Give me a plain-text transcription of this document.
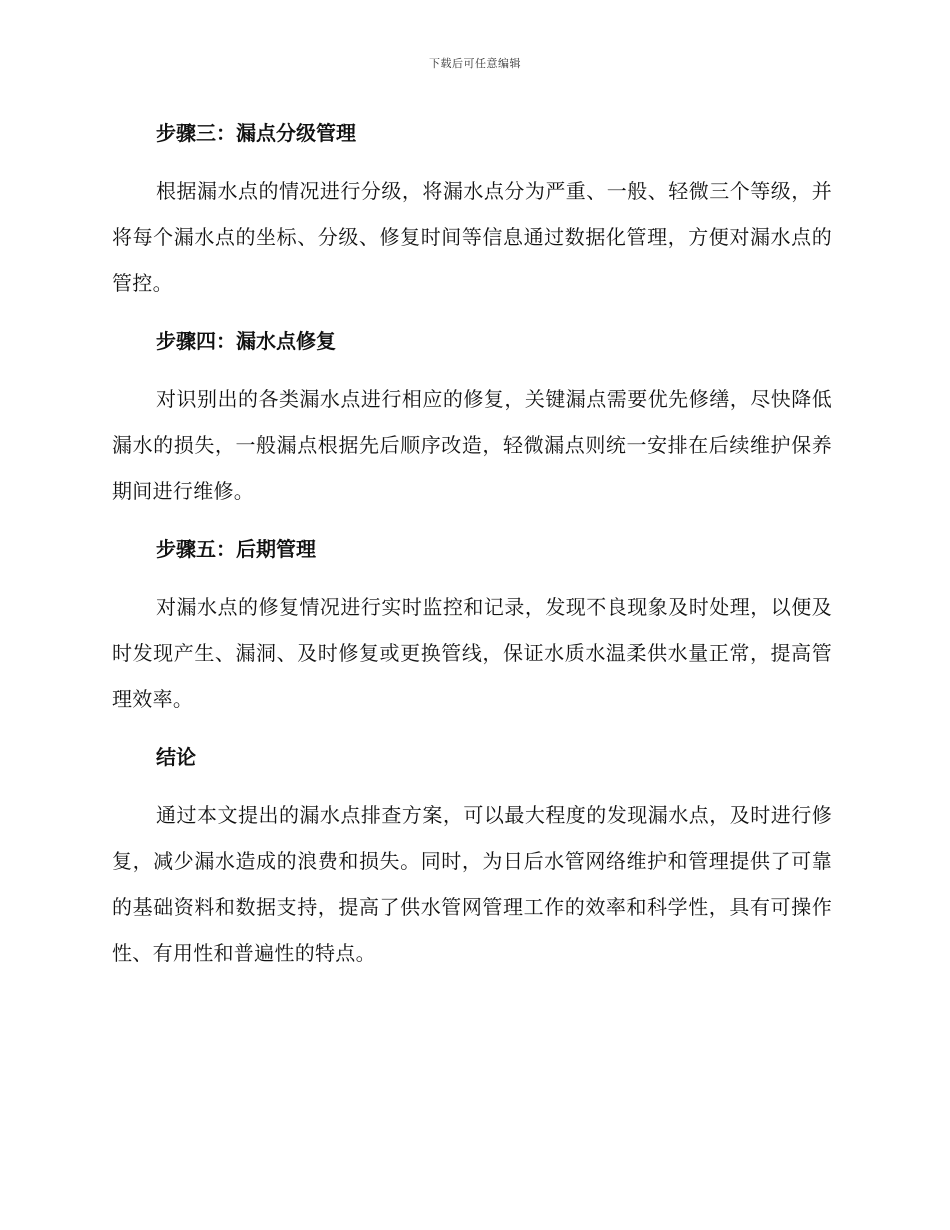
下载后可任意编辑
步骤三：漏点分级管理

根据漏水点的情况进行分级，将漏水点分为严重、一般、轻微三个等级，并将每个漏水点的坐标、分级、修复时间等信息通过数据化管理，方便对漏水点的管控。

步骤四：漏水点修复

对识别出的各类漏水点进行相应的修复，关键漏点需要优先修缮，尽快降低漏水的损失，一般漏点根据先后顺序改造，轻微漏点则统一安排在后续维护保养期间进行维修。

步骤五：后期管理

对漏水点的修复情况进行实时监控和记录，发现不良现象及时处理，以便及时发现产生、漏洞、及时修复或更换管线，保证水质水温柔供水量正常，提高管理效率。

结论

通过本文提出的漏水点排查方案，可以最大程度的发现漏水点，及时进行修复，减少漏水造成的浪费和损失。同时，为日后水管网络维护和管理提供了可靠的基础资料和数据支持，提高了供水管网管理工作的效率和科学性，具有可操作性、有用性和普遍性的特点。
